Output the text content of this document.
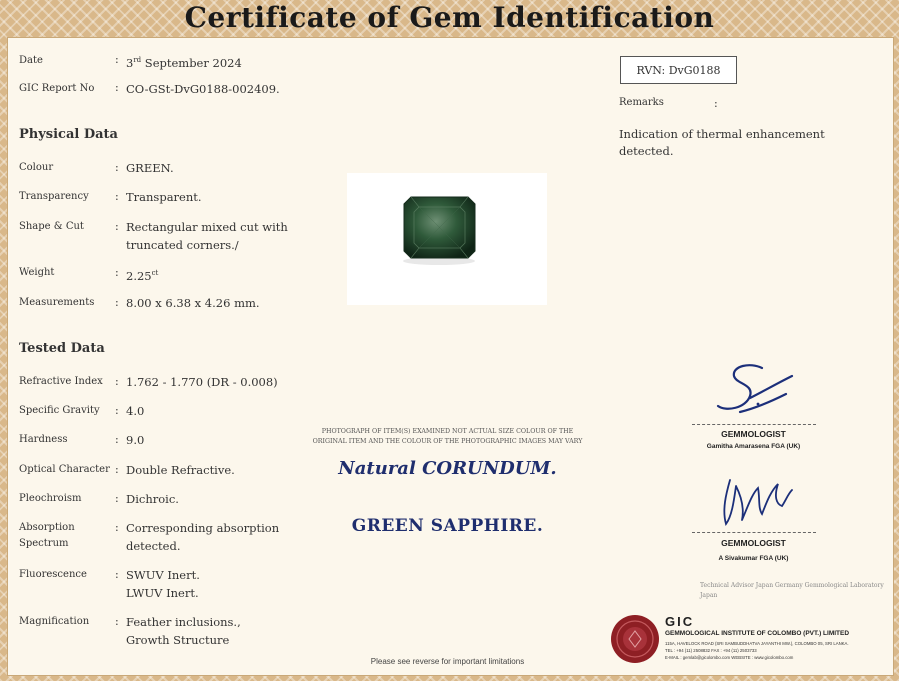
Certificate of Gem Identification
Date	: 3rd September 2024
GIC Report No : CO-GSt-DvG0188-002409.
Physical Data
Colour	: GREEN.
Transparency : Transparent.
Shape & Cut	: Rectangular mixed cut with
truncated corners./
Weight	: $2.25^{ct}$
Measurements : 8.00 x 6.38 x 4.26 mm.
Tested Data
Refractive Index : 1.762 - 1.770 (DR - 0.008)
Specific Gravity : 4.0
Hardness	: 9.0
Optical Character : Double Refractive.
Pleochroism	: Dichroic.
Absorption
Spectrum
: Corresponding absorption
detected.
Fluorescence	: SWUV Inert.
LWUV Inert.
Magnification : Feather inclusions.,
Growth Structure
RVN: DvG0188
Remarks	:
Indication of thermal enhancement
detected.
PHOTOGRAPH OF ITEM(S) EXAMINED NOT ACTUAL SIZE COLOUR OF THE
ORIGINAL ITEM AND THE COLOUR OF THE PHOTOGRAPHIC IMAGES MAY VARY
Natural CORUNDUM.
GREEN SAPPHIRE.
Please see reverse for important limitations
GEMMOLOGIST
Gamitha Amarasena FGA (UK)
GEMMOLOGIST
A Sivakumar FGA (UK)
Technical Advisor Japan Germany Gemmological Laboratory
Japan
GIC
GEMMOLOGICAL INSTITUTE OF COLOMBO (PVT.) LIMITED
115A, HAVELOCK ROAD (SRI SAMBUDDHATVA JAYANTHI MW.), COLOMBO 05, SRI LANKA.
TEL : +94 (11) 2508832 FAX : +94 (11) 2503733
E-MAIL : gemlab@gicolombo.com WEBSITE : www.gicolombo.com
